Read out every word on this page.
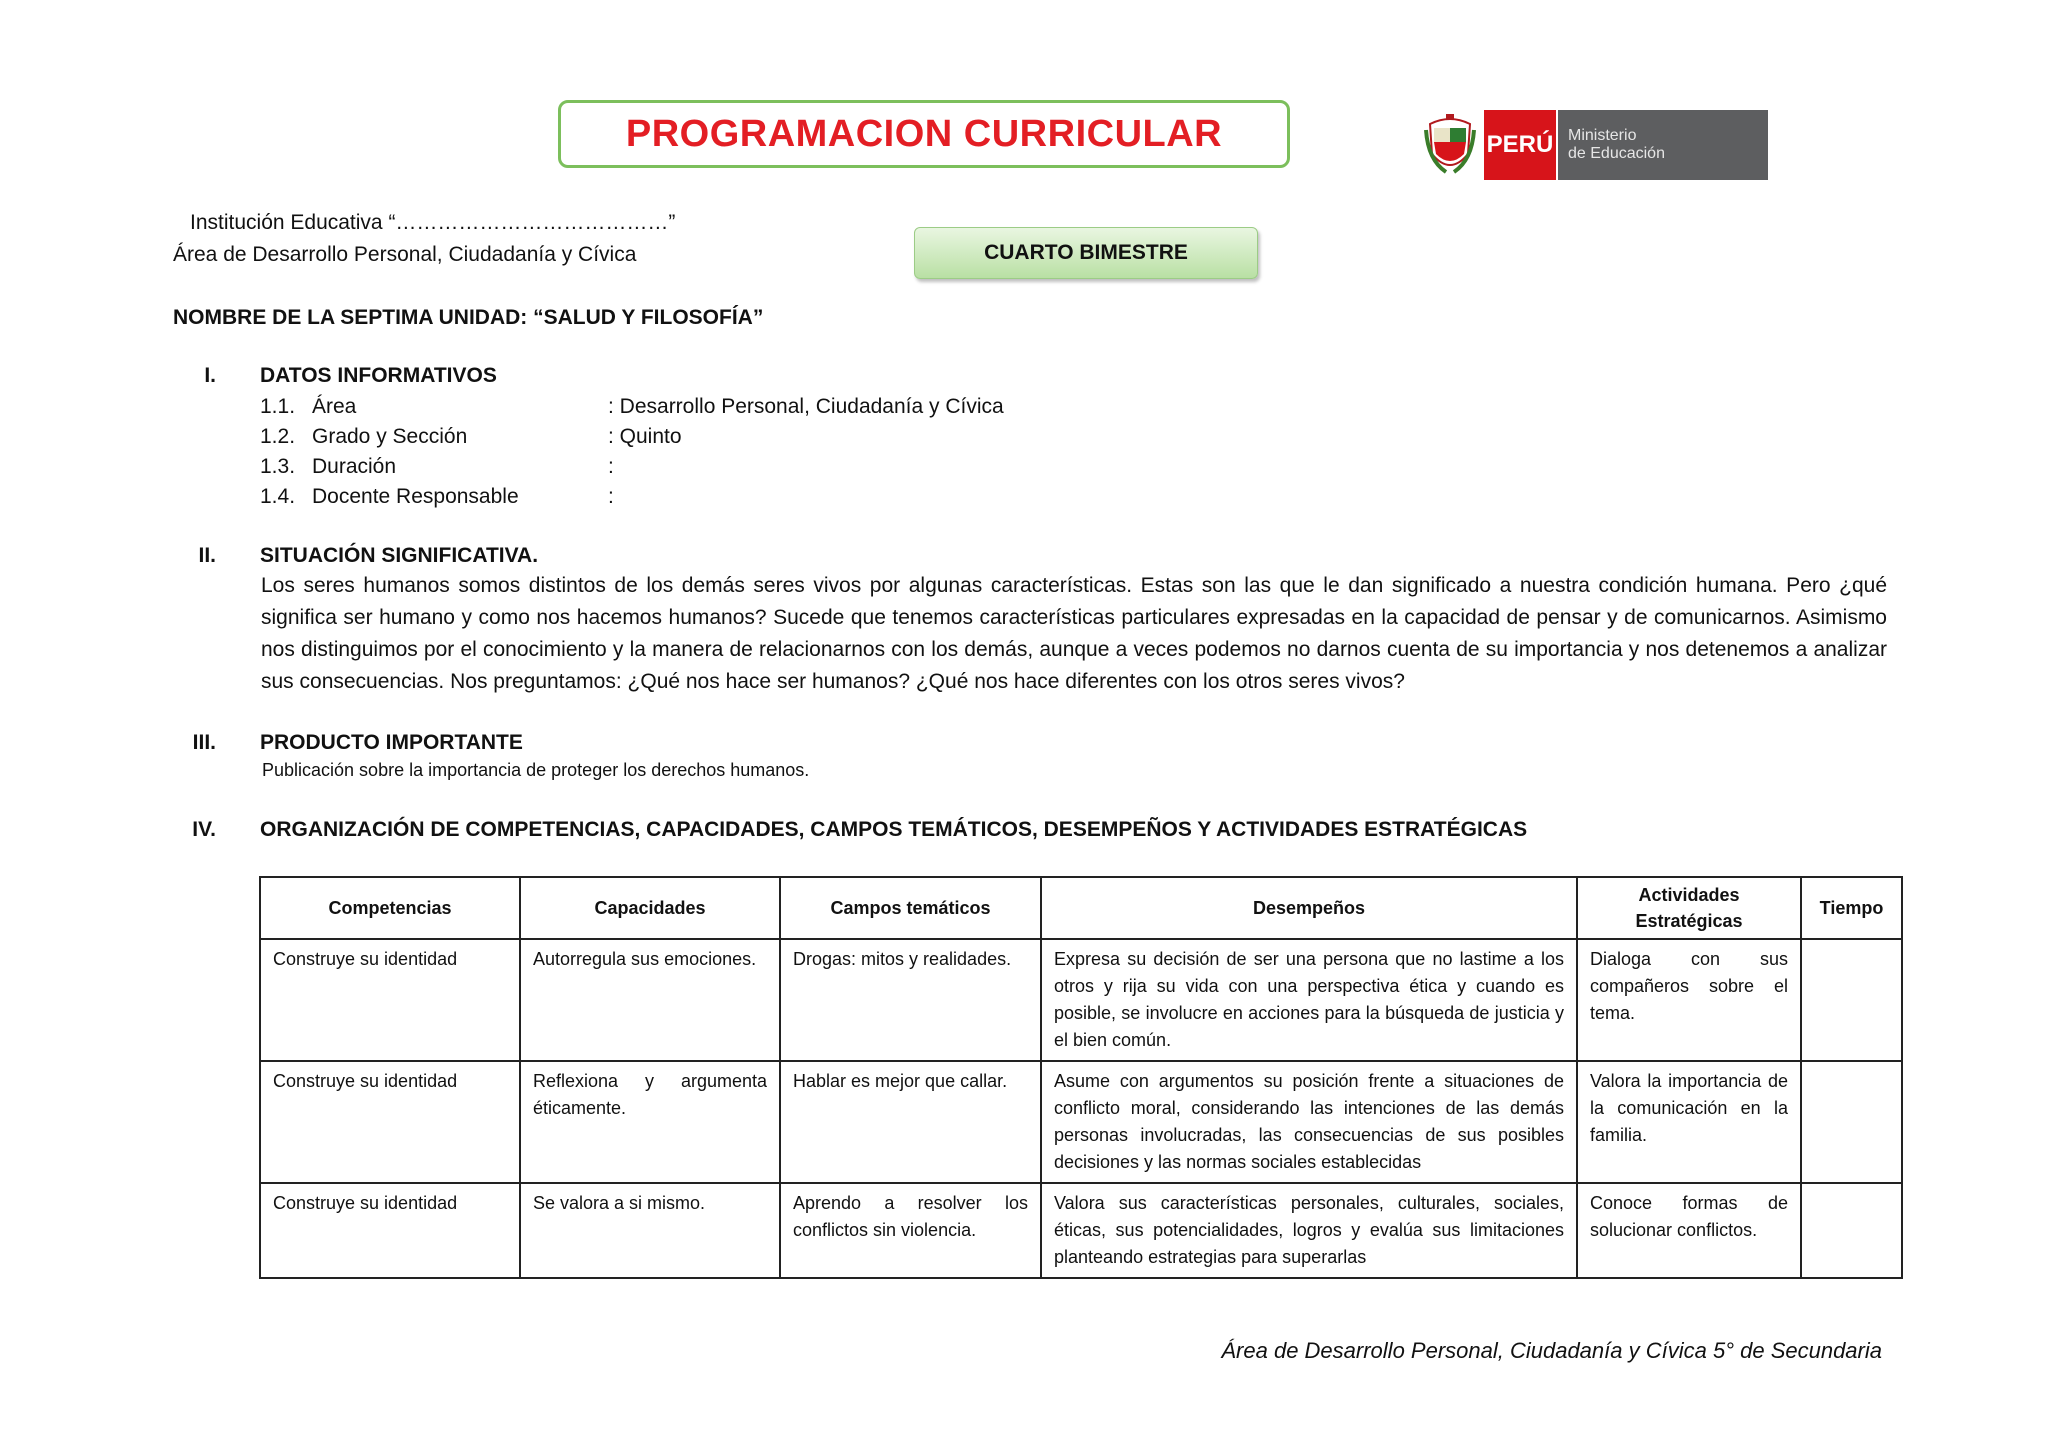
PROGRAMACION CURRICULAR	PERÚ Ministerio
de Educación
Institución Educativa “…………………………………”
Área de Desarrollo Personal, Ciudadanía y Cívica	CUARTO BIMESTRE
NOMBRE DE LA SEPTIMA UNIDAD: “SALUD Y FILOSOFÍA”
I. DATOS INFORMATIVOS
1.1. Área	: Desarrollo Personal, Ciudadanía y Cívica
1.2. Grado y Sección	: Quinto
1.3. Duración	:
1.4. Docente Responsable	:
II. SITUACIÓN SIGNIFICATIVA.

Los seres humanos somos distintos de los demás seres vivos por algunas características. Estas son las que le dan significado a nuestra condición humana. Pero ¿qué significa ser humano y como nos hacemos humanos? Sucede que tenemos características particulares expresadas en la capacidad de pensar y de comunicarnos. Asimismo nos distinguimos por el conocimiento y la manera de relacionarnos con los demás, aunque a veces podemos no darnos cuenta de su importancia y nos detenemos a analizar sus consecuencias. Nos preguntamos: ¿Qué nos hace ser humanos? ¿Qué nos hace diferentes con los otros seres vivos?

III. PRODUCTO IMPORTANTE
Publicación sobre la importancia de proteger los derechos humanos.
IV. ORGANIZACIÓN DE COMPETENCIAS, CAPACIDADES, CAMPOS TEMÁTICOS, DESEMPEÑOS Y ACTIVIDADES ESTRATÉGICAS
Competencias	Capacidades	Campos temáticos	Desempeños	Actividades Estratégicas	Tiempo
Construye su identidad	Autorregula sus emociones.	Drogas: mitos y realidades.	Expresa su decisión de ser una persona que no lastime a los otros y rija su vida con una perspectiva ética y cuando es posible, se involucre en acciones para la búsqueda de justicia y el bien común.	Dialoga con sus compañeros sobre el tema.	
Construye su identidad	Reflexiona y argumenta éticamente.	Hablar es mejor que callar.	Asume con argumentos su posición frente a situaciones de conflicto moral, considerando las intenciones de las demás personas involucradas, las consecuencias de sus posibles decisiones y las normas sociales establecidas	Valora la importancia de la comunicación en la familia.	
Construye su identidad	Se valora a si mismo.	Aprendo a resolver los conflictos sin violencia.	Valora sus características personales, culturales, sociales, éticas, sus potencialidades, logros y evalúa sus limitaciones planteando estrategias para superarlas	Conoce formas de solucionar conflictos.	
Área de Desarrollo Personal, Ciudadanía y Cívica 5° de Secundaria
